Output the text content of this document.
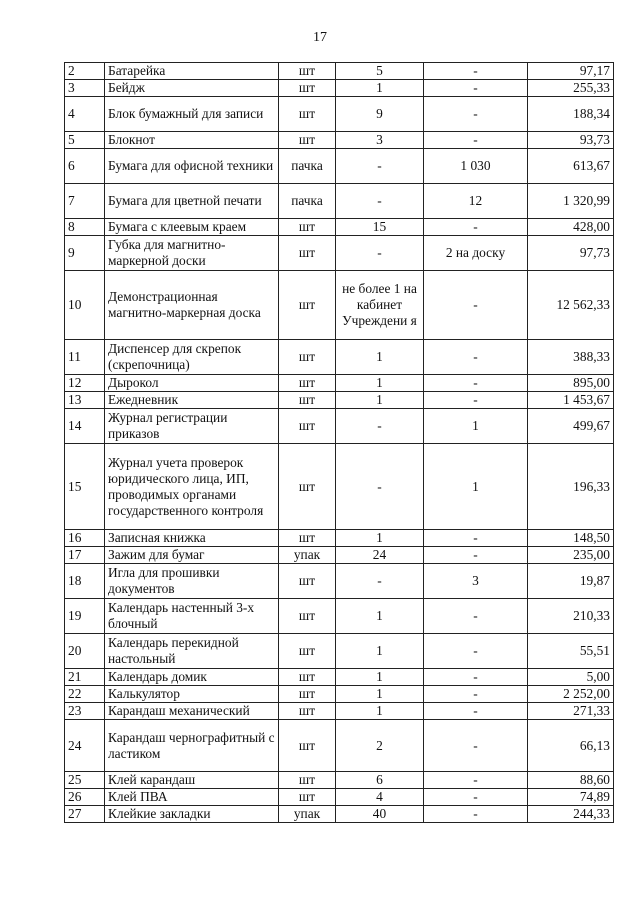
17
2	Батарейка	шт	5	-	97,17
3	Бейдж	шт	1	-	255,33
4	Блок бумажный для записи	шт	9	-	188,34
5	Блокнот	шт	3	-	93,73
6	Бумага для офисной техники	пачка	-	1 030	613,67
7	Бумага для цветной печати	пачка	-	12	1 320,99
8	Бумага с клеевым краем	шт	15	-	428,00
9	Губка для магнитно-маркерной доски	шт	-	2 на доску	97,73
10	Демонстрационная магнитно-маркерная доска	шт	не более 1 на кабинет Учреждени я	-	12 562,33
11	Диспенсер для скрепок (скрепочница)	шт	1	-	388,33
12	Дырокол	шт	1	-	895,00
13	Ежедневник	шт	1	-	1 453,67
14	Журнал регистрации приказов	шт	-	1	499,67
15	Журнал учета проверок юридического лица, ИП, проводимых органами государственного контроля	шт	-	1	196,33
16	Записная книжка	шт	1	-	148,50
17	Зажим для бумаг	упак	24	-	235,00
18	Игла для прошивки документов	шт	-	3	19,87
19	Календарь настенный 3-х блочный	шт	1	-	210,33
20	Календарь перекидной настольный	шт	1	-	55,51
21	Календарь домик	шт	1	-	5,00
22	Калькулятор	шт	1	-	2 252,00
23	Карандаш механический	шт	1	-	271,33
24	Карандаш чернографитный с ластиком	шт	2	-	66,13
25	Клей карандаш	шт	6	-	88,60
26	Клей ПВА	шт	4	-	74,89
27	Клейкие закладки	упак	40	-	244,33
